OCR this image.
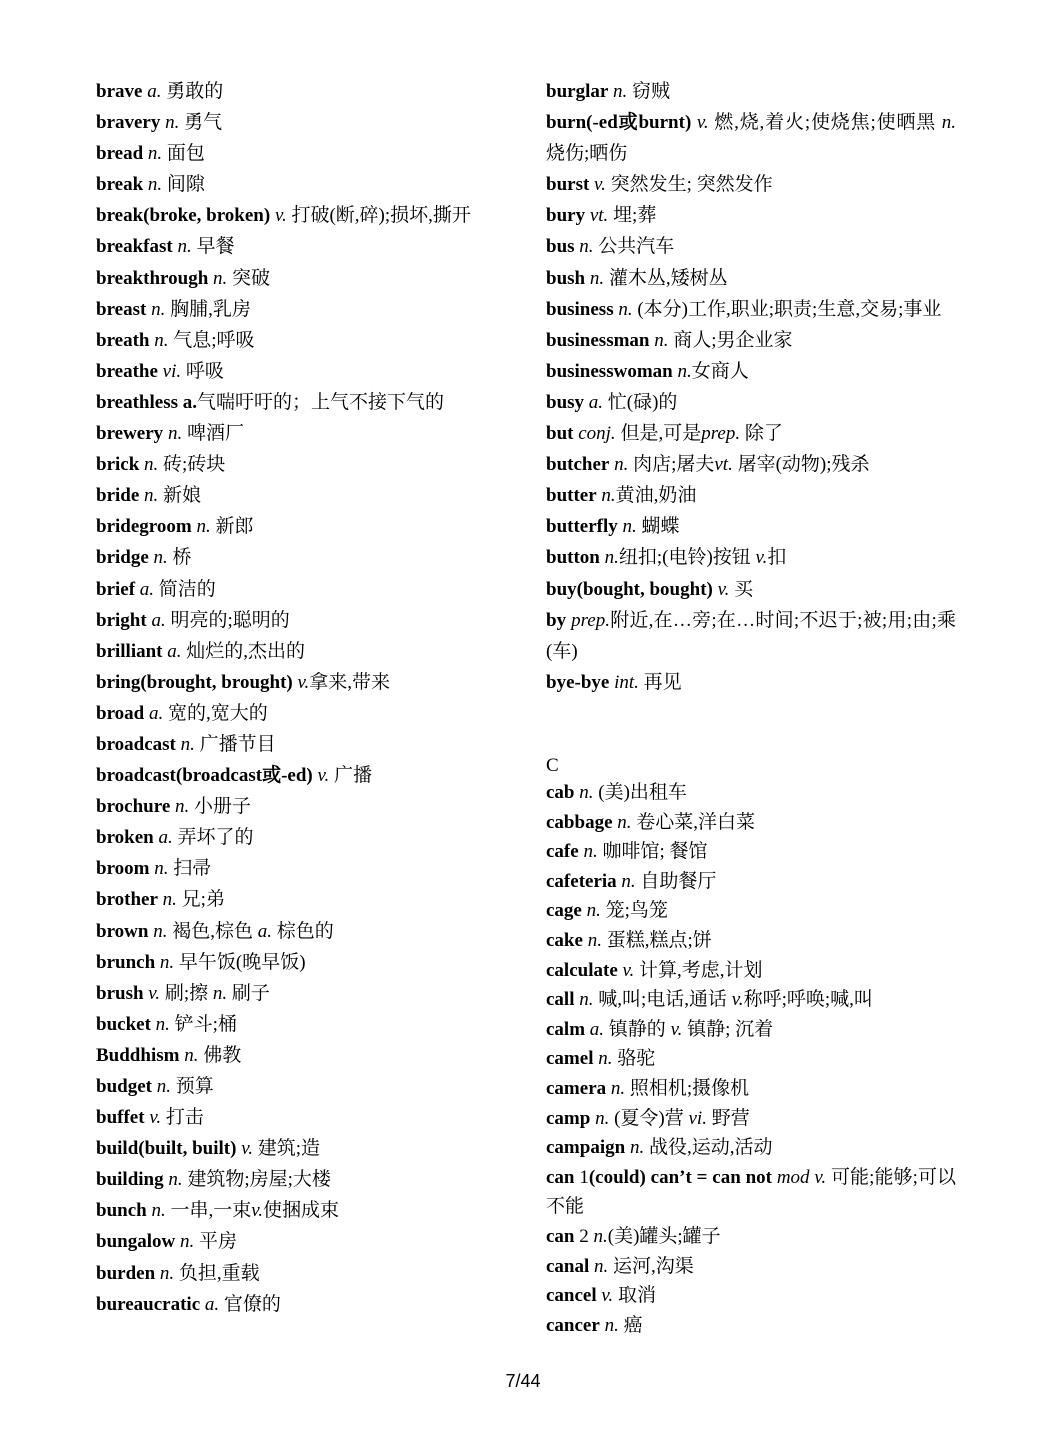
brave a. 勇敢的
bravery n. 勇气
bread n. 面包
break n. 间隙
break(broke, broken) v. 打破(断,碎);损坏,撕开
breakfast n. 早餐
breakthrough n. 突破
breast n. 胸脯,乳房
breath n. 气息;呼吸
breathe vi. 呼吸
breathless a.气喘吁吁的；上气不接下气的
brewery n. 啤酒厂
brick n. 砖;砖块
bride n. 新娘
bridegroom n. 新郎
bridge n. 桥
brief a. 简洁的
bright a. 明亮的;聪明的
brilliant a. 灿烂的,杰出的
bring(brought, brought) v.拿来,带来
broad a. 宽的,宽大的
broadcast n. 广播节目
broadcast(broadcast或-ed) v. 广播
brochure n. 小册子
broken a. 弄坏了的
broom n. 扫帚
brother n. 兄;弟
brown n. 褐色,棕色 a. 棕色的
brunch n. 早午饭(晚早饭)
brush v. 刷;擦 n. 刷子
bucket n. 铲斗;桶
Buddhism n. 佛教
budget n. 预算
buffet v. 打击
build(built, built) v. 建筑;造
building n. 建筑物;房屋;大楼
bunch n. 一串,一束v.使捆成束
bungalow n. 平房
burden n. 负担,重载
bureaucratic a. 官僚的
burglar n. 窃贼
burn(-ed或burnt) v. 燃,烧,着火;使烧焦;使晒黑 n.烧伤;晒伤
burst v. 突然发生; 突然发作
bury vt. 埋;葬
bus n. 公共汽车
bush n. 灌木丛,矮树丛
business n. (本分)工作,职业;职责;生意,交易;事业
businessman n. 商人;男企业家
businesswoman n.女商人
busy a. 忙(碌)的
but conj. 但是,可是prep. 除了
butcher n. 肉店;屠夫vt. 屠宰(动物);残杀
butter n.黄油,奶油
butterfly n. 蝴蝶
button n.纽扣;(电铃)按钮 v.扣
buy(bought, bought) v. 买
by prep.附近,在…旁;在…时间;不迟于;被;用;由;乘(车)
bye-bye int. 再见
C
cab n. (美)出租车
cabbage n. 卷心菜,洋白菜
cafe n. 咖啡馆; 餐馆
cafeteria n. 自助餐厅
cage n. 笼;鸟笼
cake n. 蛋糕,糕点;饼
calculate v. 计算,考虑,计划
call n. 喊,叫;电话,通话 v.称呼;呼唤;喊,叫
calm a. 镇静的 v. 镇静; 沉着
camel n. 骆驼
camera n. 照相机;摄像机
camp n. (夏令)营 vi. 野营
campaign n. 战役,运动,活动
can 1(could) can’t = can not mod v. 可能;能够;可以 不能
can 2 n.(美)罐头;罐子
canal n. 运河,沟渠
cancel v. 取消
cancer n. 癌
7/44
